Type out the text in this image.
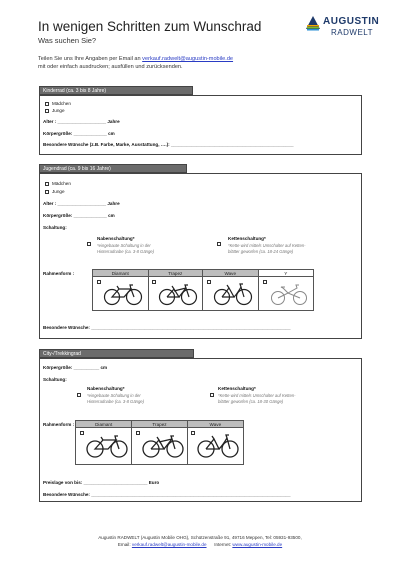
In wenigen Schritten zum Wunschrad
Was suchen Sie?
Teilen Sie uns Ihre Angaben per Email an verkauf.radwelt@augustin-mobile.de
mit oder einfach ausdrucken; ausfüllen und zurücksenden.
AUGUSTIN
RADWELT
Kinderrad (ca. 3 bis 8 Jahre)
Mädchen
Junge
Alter : ___________________ Jahre
Körpergröße: _____________ cm
Besondere Wünsche (z.B. Farbe, Marke, Ausstattung, ….): ________________________________________________
Jugendrad (ca. 9 bis 16 Jahre)
Mädchen
Junge
Alter : ___________________ Jahre
Körpergröße: _____________ cm
Schaltung:
Nabenschaltung*
*eingebaute Schaltung in der
Hinterradnabe (ca. 3-8 Gänge)
Kettenschaltung*
*Kette wird mittels Umschalter auf Ketten-
blätter geworfen (ca. 18-24 Gänge)
Rahmenform :	Diamant	Trapez	Wave	Y
Besondere Wünsche: ______________________________________________________________________________
City-/Trekkingrad
Körpergröße: __________ cm
Schaltung:
Nabenschaltung*
*eingebaute Schaltung in der
Hinterradnabe (ca. 3-8 Gänge)
Kettenschaltung*
*Kette wird mittels Umschalter auf Ketten-
blätter geworfen (ca. 18-30 Gänge)
Rahmenform :	Diamant	Trapez	Wave
Preislage von bis: _________________________ Euro
Besondere Wünsche: ______________________________________________________________________________
Augustin RADWELT (Augustin Mobile OHG), Schützenstraße 91, 49716 Meppen, Tel: 05931-93500,
Email: verkauf.radwelt@augustin-mobile.de Internet: www.augustin-mobile.de
